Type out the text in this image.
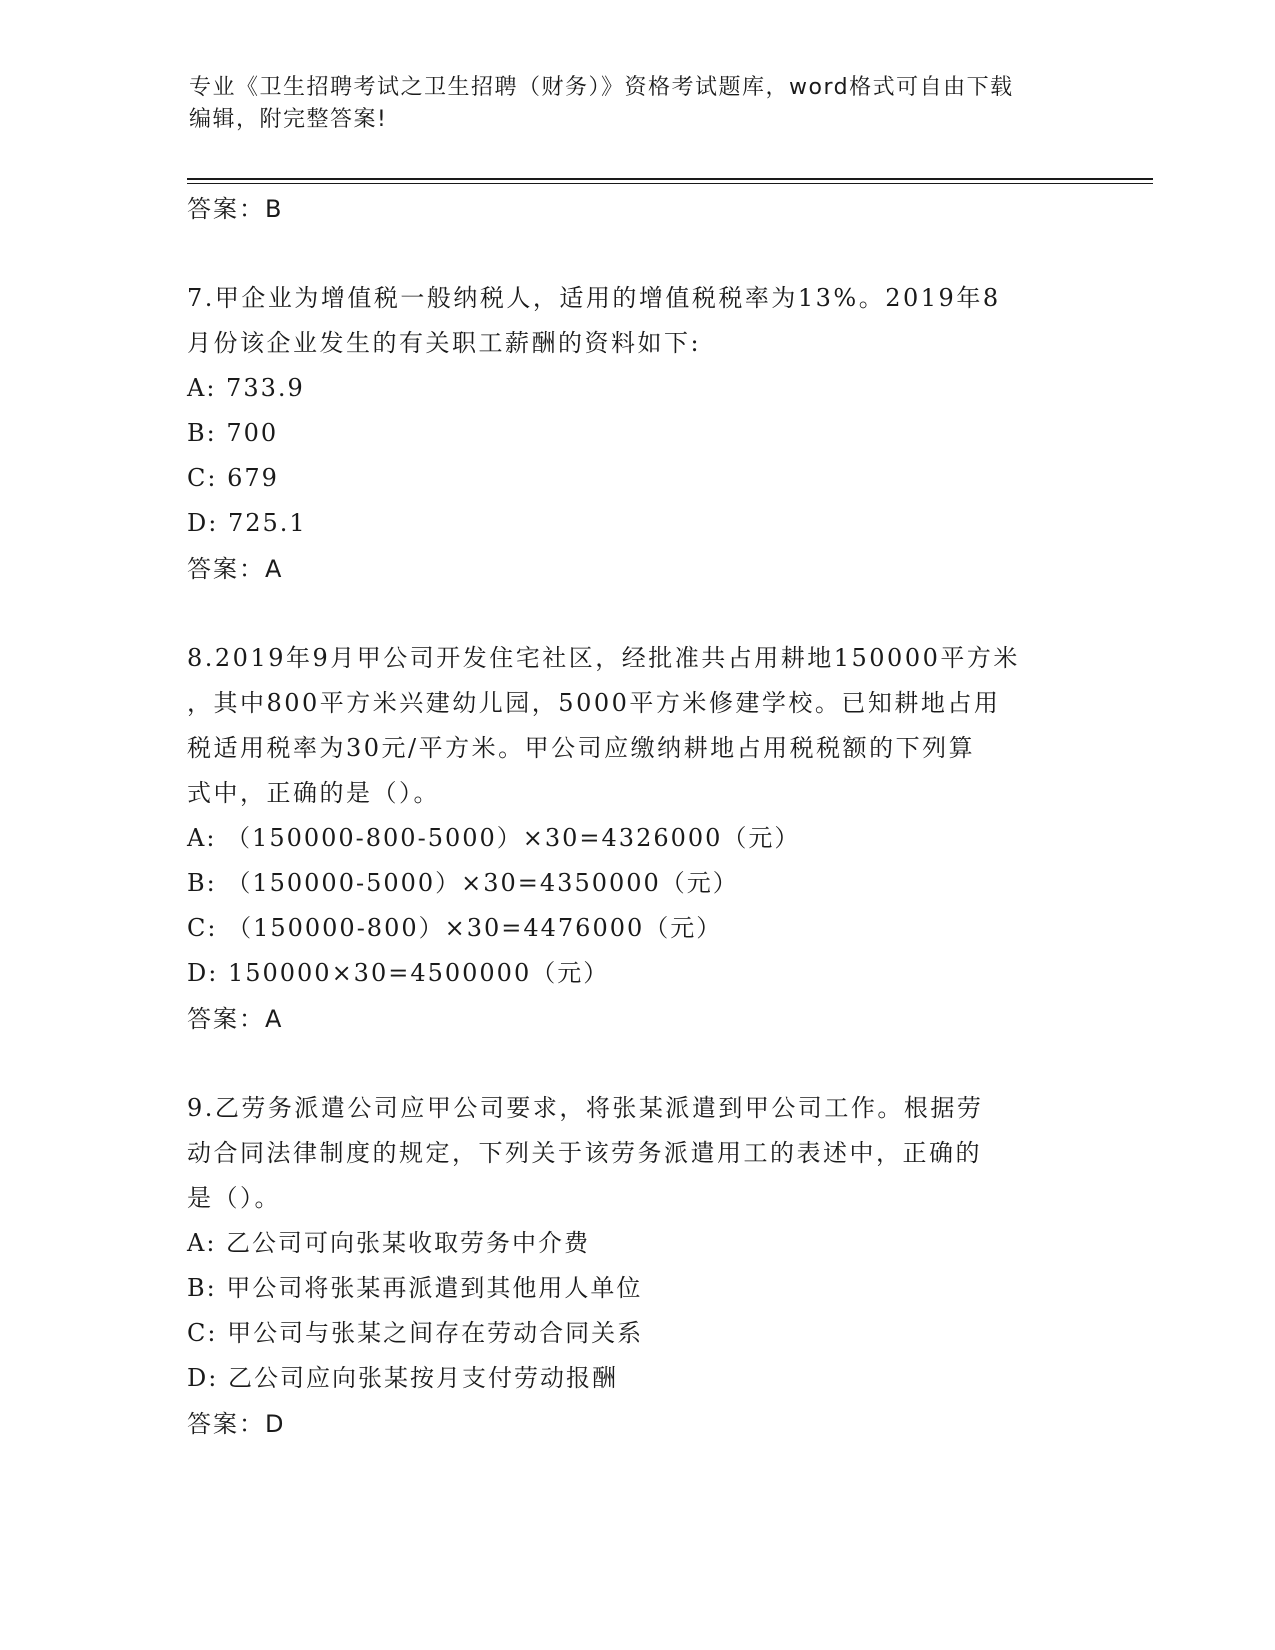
专业《卫生招聘考试之卫生招聘（财务）》资格考试题库，word格式可自由下载
编辑，附完整答案!
答案：B
7.甲企业为增值税一般纳税人，适用的增值税税率为13%。2019年8
月份该企业发生的有关职工薪酬的资料如下:
A: 733.9
B: 700
C: 679
D: 725.1
答案：A
8.2019年9月甲公司开发住宅社区，经批准共占用耕地150000平方米
，其中800平方米兴建幼儿园，5000平方米修建学校。已知耕地占用
税适用税率为30元/平方米。甲公司应缴纳耕地占用税税额的下列算
式中，正确的是（）。
A: （150000-800-5000）×30=4326000（元）
B: （150000-5000）×30=4350000（元）
C: （150000-800）×30=4476000（元）
D: 150000×30=4500000（元）
答案：A
9.乙劳务派遣公司应甲公司要求，将张某派遣到甲公司工作。根据劳
动合同法律制度的规定，下列关于该劳务派遣用工的表述中，正确的
是（）。
A: 乙公司可向张某收取劳务中介费
B: 甲公司将张某再派遣到其他用人单位
C: 甲公司与张某之间存在劳动合同关系
D: 乙公司应向张某按月支付劳动报酬
答案：D
